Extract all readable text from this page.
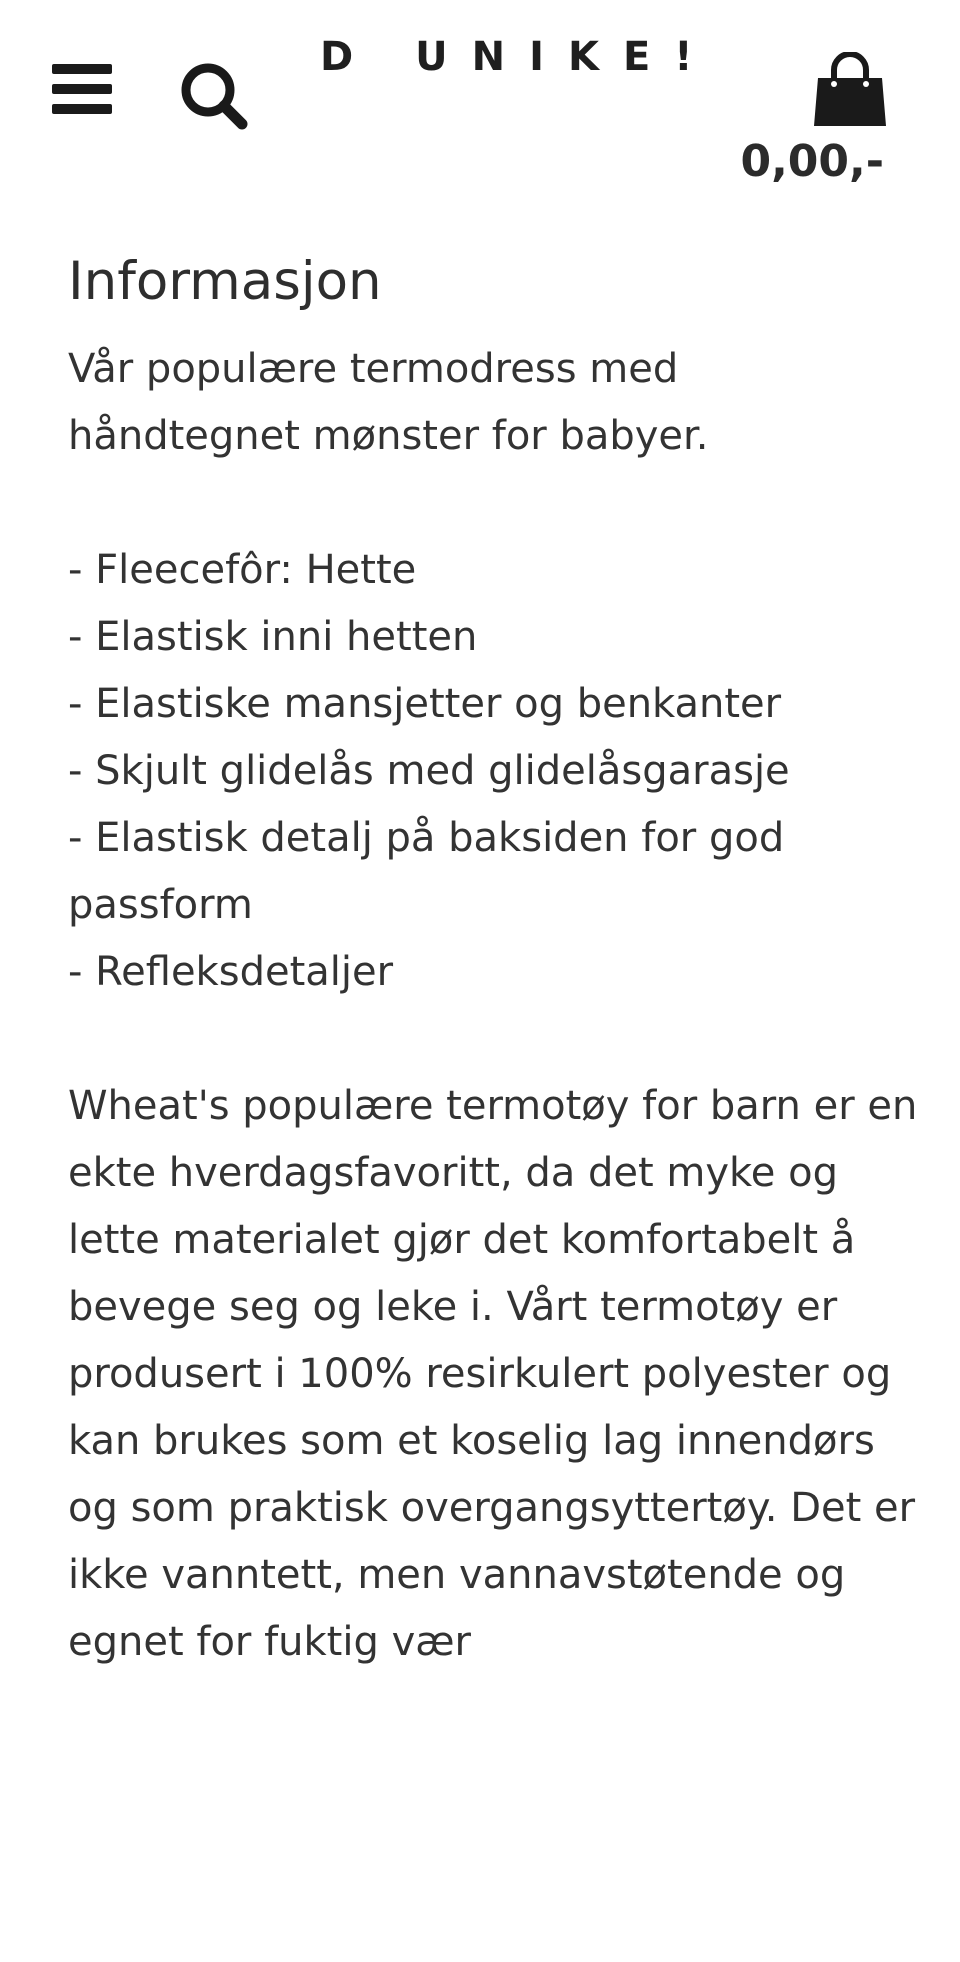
D UNIKE!
0,00,-
Informasjon

Vår populære termodress med håndtegnet mønster for babyer.

- Fleecefôr: Hette

- Elastisk inni hetten

- Elastiske mansjetter og benkanter

- Skjult glidelås med glidelåsgarasje

- Elastisk detalj på baksiden for god passform

- Refleksdetaljer

Wheat's populære termotøy for barn er en ekte hverdagsfavoritt, da det myke og lette materialet gjør det komfortabelt å bevege seg og leke i. Vårt termotøy er produsert i 100% resirkulert polyester og kan brukes som et koselig lag innendørs og som praktisk overgangsyttertøy. Det er ikke vanntett, men vannavstøtende og egnet for fuktig vær
